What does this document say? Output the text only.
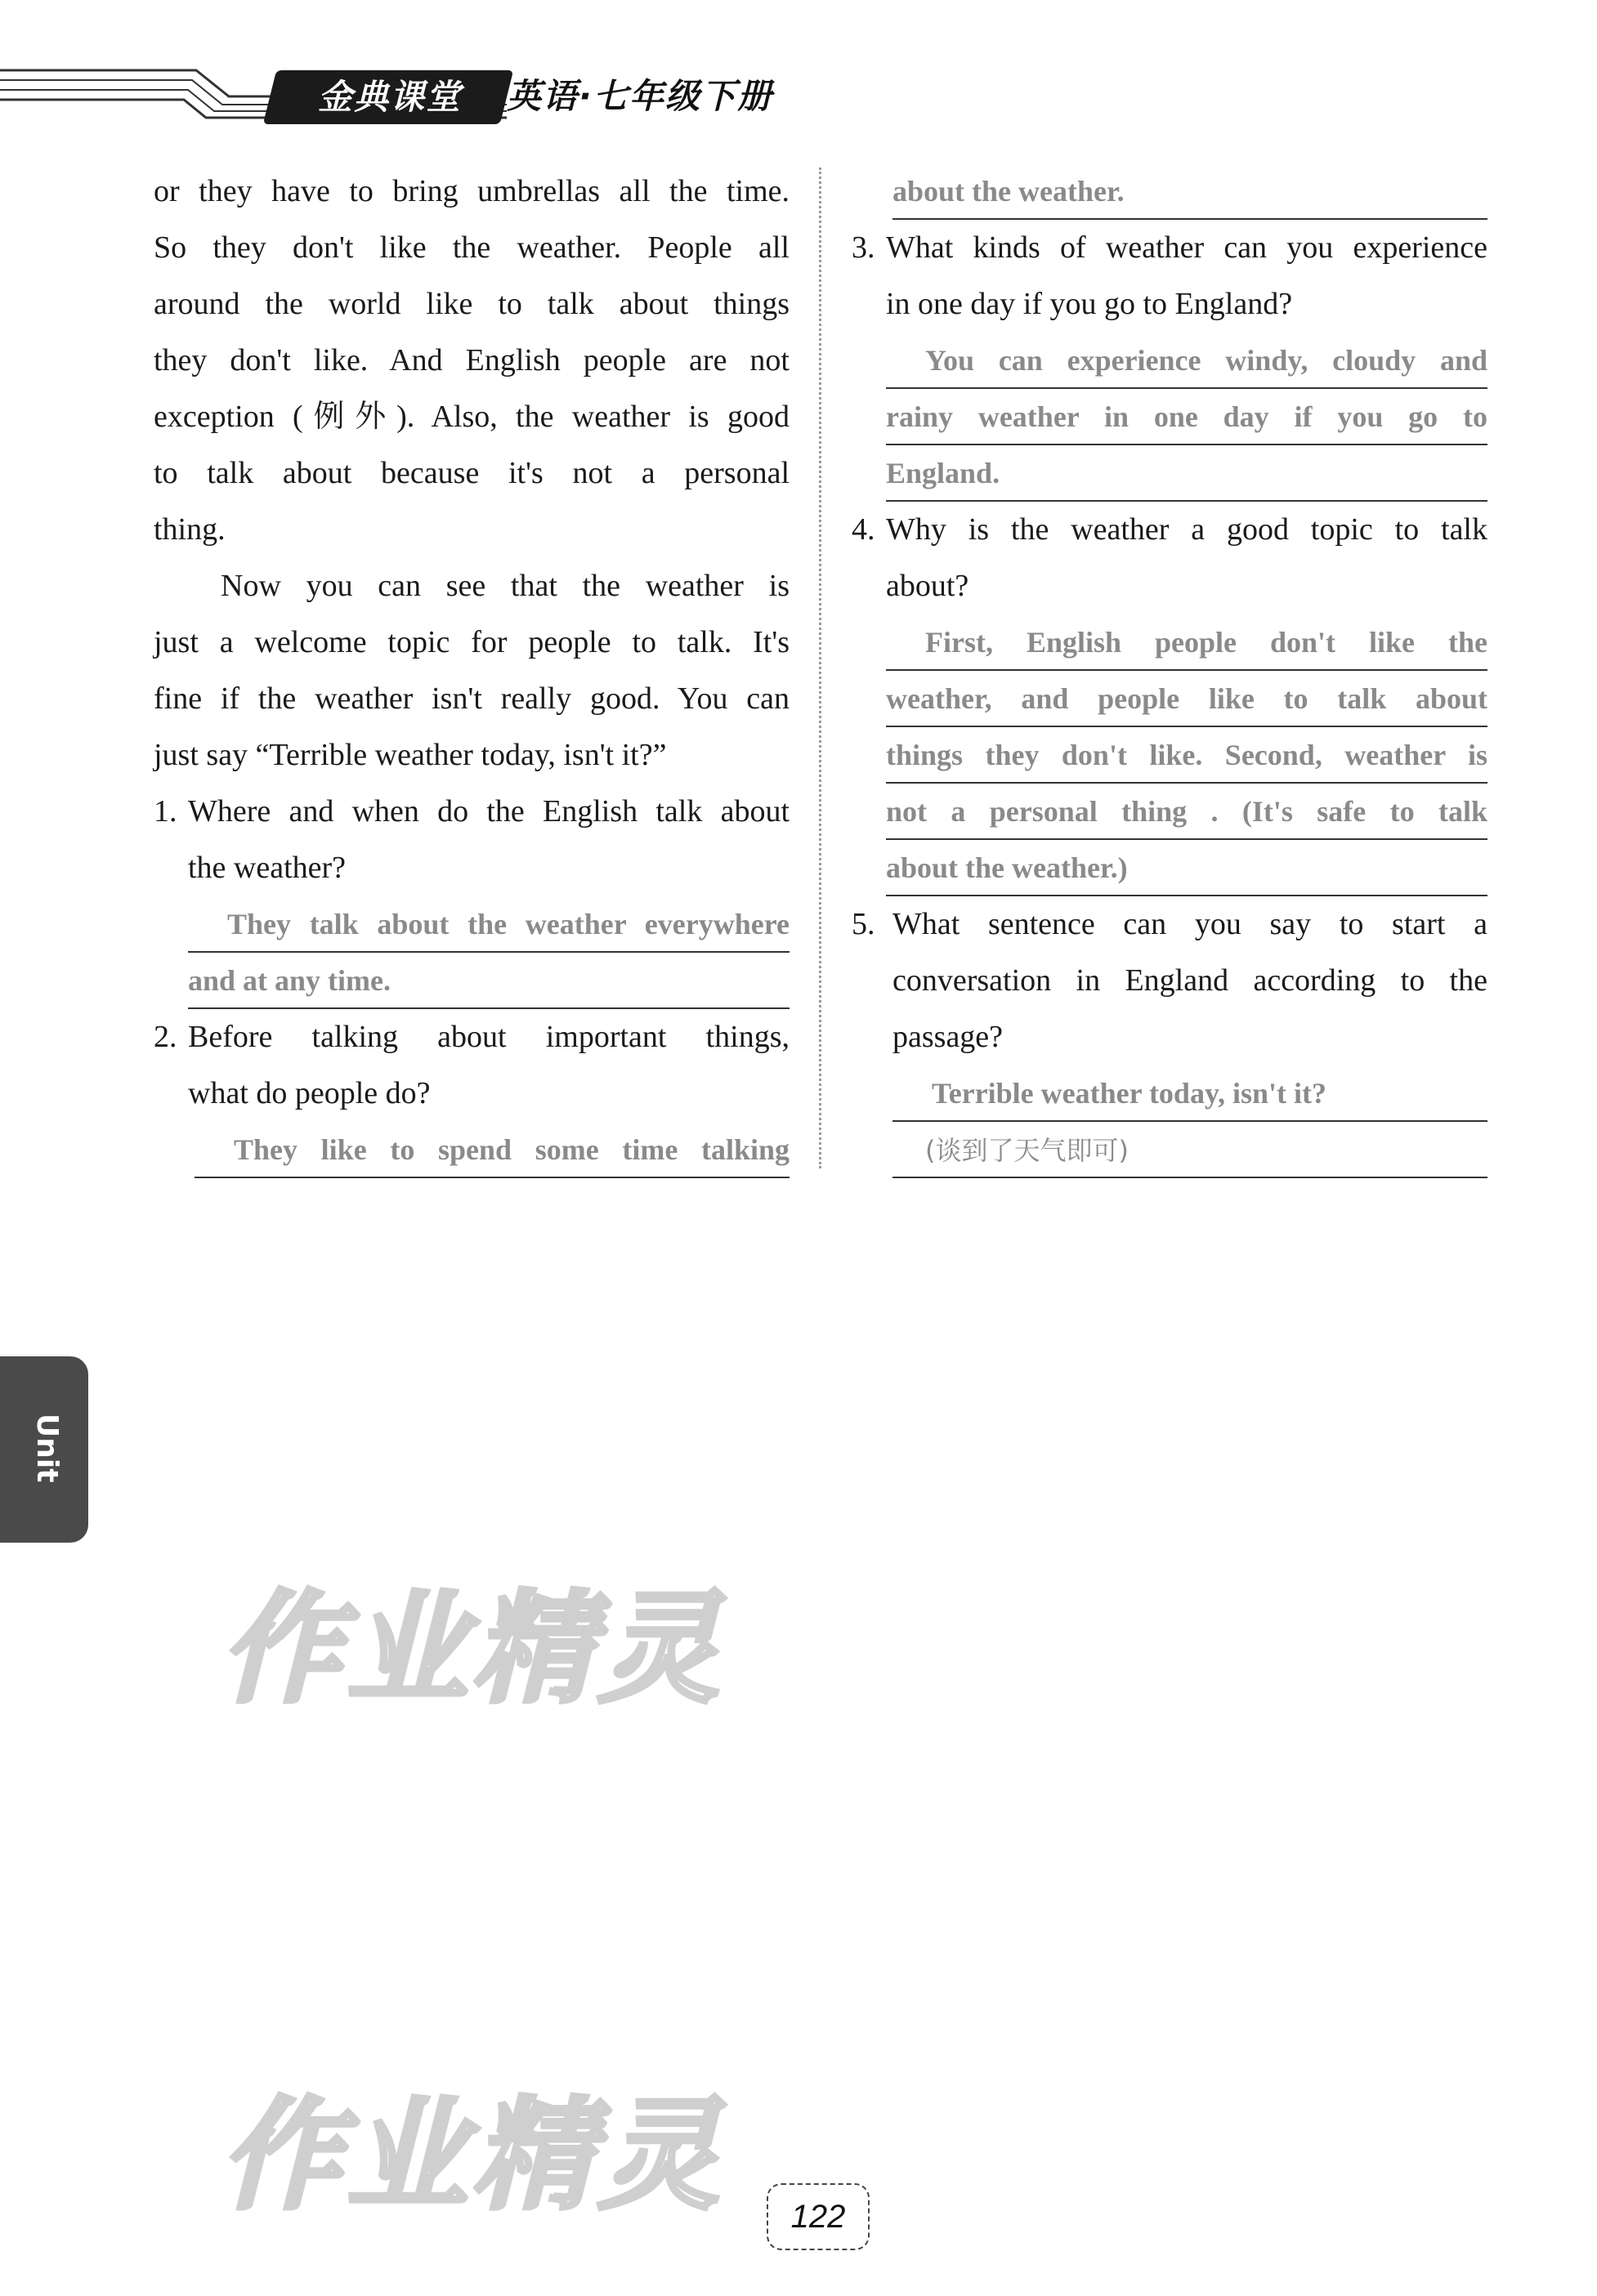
金典课堂	英语·七年级下册
or they have to bring umbrellas all the time.
So they don't like the weather. People all
around the world like to talk about things
they don't like. And English people are not
exception (例外). Also, the weather is good
to talk about because it's not a personal
thing.
Now you can see that the weather is
just a welcome topic for people to talk. It's
fine if the weather isn't really good. You can
just say “Terrible weather today, isn't it?”
1. Where and when do the English talk about
the weather?
They talk about the weather everywhere
and at any time.
2. Before talking about important things,
what do people do?
They like to spend some time talking
about the weather.
3. What kinds of weather can you experience
in one day if you go to England?
You can experience windy, cloudy and
rainy weather in one day if you go to
England.
4. Why is the weather a good topic to talk
about?
First, English people don't like the
weather, and people like to talk about
things they don't like. Second, weather is
not a personal thing . (It's safe to talk
about the weather.)
5. What sentence can you say to start a
conversation in England according to the
passage?
Terrible weather today, isn't it?
(谈到了天气即可)
Unit
作业精灵
作业精灵	122
